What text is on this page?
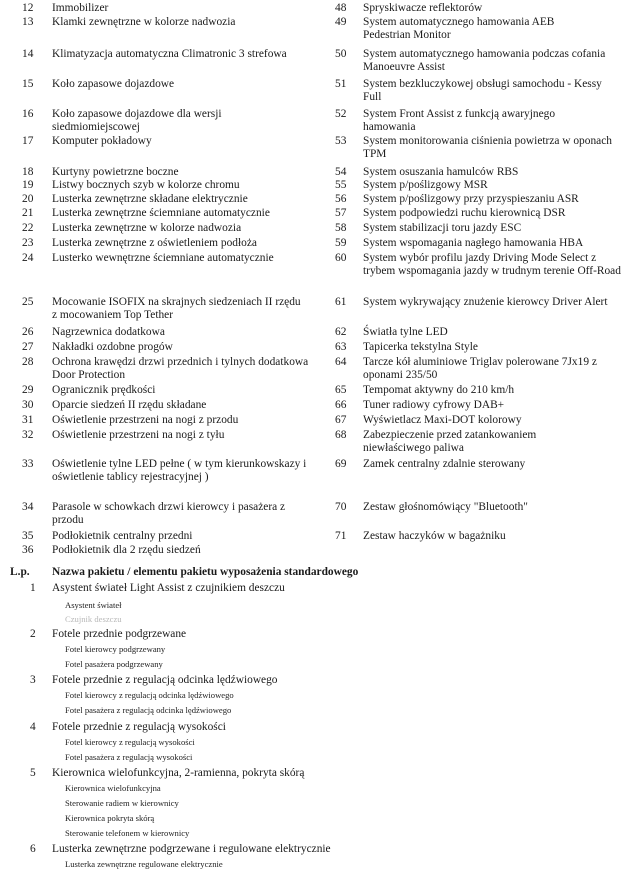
12 Immobilizer
13 Klamki zewnętrzne w kolorze nadwozia
14 Klimatyzacja automatyczna Climatronic 3 strefowa
15 Koło zapasowe dojazdowe
16 Koło zapasowe dojazdowe dla wersji siedmiomiejscowej
17 Komputer pokładowy
18 Kurtyny powietrzne boczne
19 Listwy bocznych szyb w kolorze chromu
20 Lusterka zewnętrzne składane elektrycznie
21 Lusterka zewnętrzne ściemniane automatycznie
22 Lusterka zewnętrzne w kolorze nadwozia
23 Lusterka zewnętrzne z oświetleniem podłoża
24 Lusterko wewnętrzne ściemniane automatycznie
25 Mocowanie ISOFIX na skrajnych siedzeniach II rzędu z mocowaniem Top Tether
26 Nagrzewnica dodatkowa
27 Nakładki ozdobne progów
28 Ochrona krawędzi drzwi przednich i tylnych dodatkowa Door Protection
29 Ogranicznik prędkości
30 Oparcie siedzeń II rzędu składane
31 Oświetlenie przestrzeni na nogi z przodu
32 Oświetlenie przestrzeni na nogi z tyłu
33 Oświetlenie tylne LED pełne ( w tym kierunkowskazy i oświetlenie tablicy rejestracyjnej )
34 Parasole w schowkach drzwi kierowcy i pasażera z przodu
35 Podłokietnik centralny przedni
36 Podłokietnik dla 2 rzędu siedzeń
48 Spryskiwacze reflektorów
49 System automatycznego hamowania AEB Pedestrian Monitor
50 System automatycznego hamowania podczas cofania Manoeuvre Assist
51 System bezkluczykowej obsługi samochodu - Kessy Full
52 System Front Assist z funkcją awaryjnego hamowania
53 System monitorowania ciśnienia powietrza w oponach TPM
54 System osuszania hamulców RBS
55 System p/poślizgowy MSR
56 System p/poślizgowy przy przyspieszaniu ASR
57 System podpowiedzi ruchu kierownicą DSR
58 System stabilizacji toru jazdy ESC
59 System wspomagania nagłego hamowania HBA
60 System wybór profilu jazdy Driving Mode Select z trybem wspomagania jazdy w trudnym terenie Off-Road
61 System wykrywający znużenie kierowcy Driver Alert
62 Światła tylne LED
63 Tapicerka tekstylna Style
64 Tarcze kół aluminiowe Triglav polerowane 7Jx19 z oponami 235/50
65 Tempomat aktywny do 210 km/h
66 Tuner radiowy cyfrowy DAB+
67 Wyświetlacz Maxi-DOT kolorowy
68 Zabezpieczenie przed zatankowaniem niewłaściwego paliwa
69 Zamek centralny zdalnie sterowany
70 Zestaw głośnomówiący "Bluetooth"
71 Zestaw haczyków w bagażniku
L.p. Nazwa pakietu / elementu pakietu wyposażenia standardowego
1 Asystent świateł Light Assist z czujnikiem deszczu
Asystent świateł
Czujnik deszczu
2 Fotele przednie podgrzewane
Fotel kierowcy podgrzewany
Fotel pasażera podgrzewany
3 Fotele przednie z regulacją odcinka lędźwiowego
Fotel kierowcy z regulacją odcinka lędźwiowego
Fotel pasażera z regulacją odcinka lędźwiowego
4 Fotele przednie z regulacją wysokości
Fotel kierowcy z regulacją wysokości
Fotel pasażera z regulacją wysokości
5 Kierownica wielofunkcyjna, 2-ramienna, pokryta skórą
Kierownica wielofunkcyjna
Sterowanie radiem w kierownicy
Kierownica pokryta skórą
Sterowanie telefonem w kierownicy
6 Lusterka zewnętrzne podgrzewane i regulowane elektrycznie
Lusterka zewnętrzne regulowane elektrycznie
